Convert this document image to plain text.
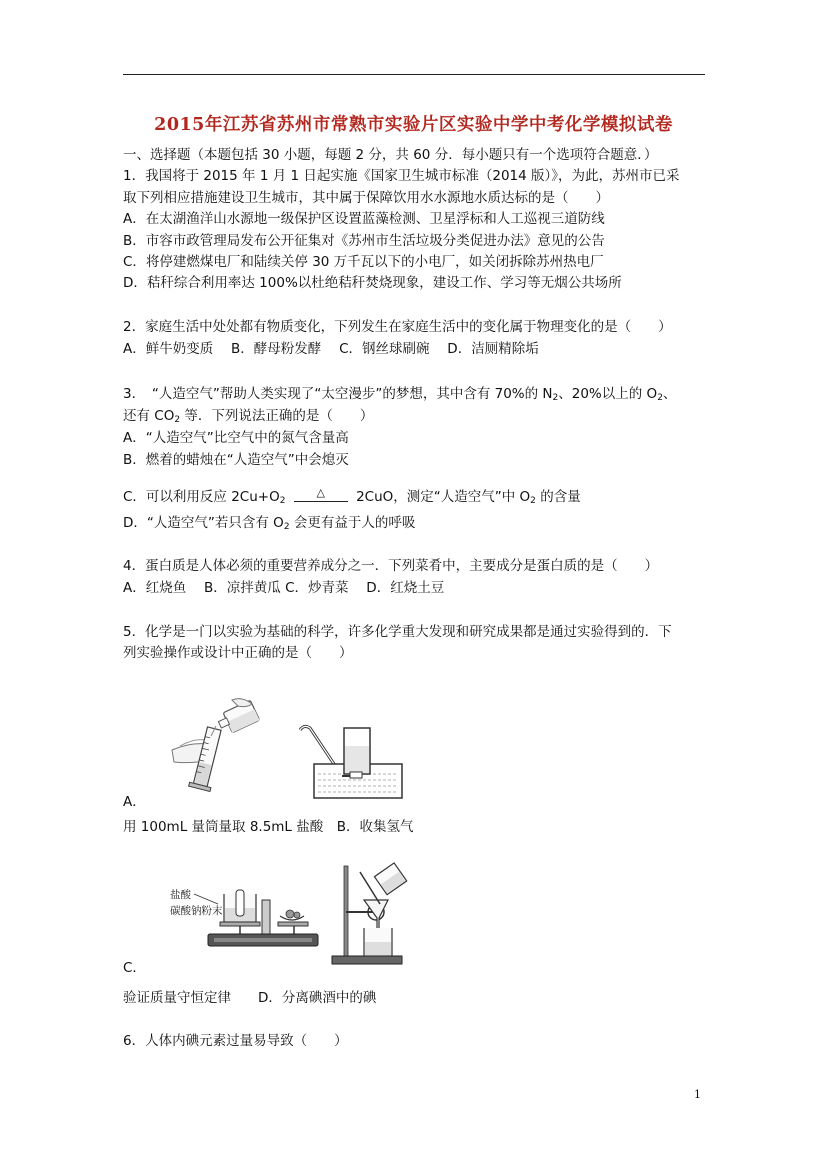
2015年江苏省苏州市常熟市实验片区实验中学中考化学模拟试卷
一、选择题（本题包括 30 小题，每题 2 分，共 60 分．每小题只有一个选项符合题意．）
1．我国将于 2015 年 1 月 1 日起实施《国家卫生城市标准（2014 版）》，为此，苏州市已采
取下列相应措施建设卫生城市，其中属于保障饮用水水源地水质达标的是（　　）
A．在太湖渔洋山水源地一级保护区设置蓝藻检测、卫星浮标和人工巡视三道防线
B．市容市政管理局发布公开征集对《苏州市生活垃圾分类促进办法》意见的公告
C．将停建燃煤电厂和陆续关停 30 万千瓦以下的小电厂，如关闭拆除苏州热电厂
D．秸秆综合利用率达 100%以杜绝秸秆焚烧现象，建设工作、学习等无烟公共场所
2．家庭生活中处处都有物质变化，下列发生在家庭生活中的变化属于物理变化的是（　　）
A．鲜牛奶变质　 B．酵母粉发酵　 C．钢丝球刷碗　 D．洁厕精除垢
3．　“人造空气”帮助人类实现了“太空漫步”的梦想，其中含有 70%的 $N_2$、20%以上的 $O_2$、
还有 $CO_2$ 等．下列说法正确的是（　　）
A．“人造空气”比空气中的氮气含量高
B．燃着的蜡烛在“人造空气”中会熄灭
C．可以利用反应 $2Cu+O_2$
△	2CuO，测定“人造空气”中 $O_2$ 的含量
D．“人造空气”若只含有 $O_2$ 会更有益于人的呼吸
4．蛋白质是人体必须的重要营养成分之一．下列菜肴中，主要成分是蛋白质的是（　　）
A．红烧鱼　 B．凉拌黄瓜 C．炒青菜　 D．红烧土豆
5．化学是一门以实验为基础的科学，许多化学重大发现和研究成果都是通过实验得到的．下
列实验操作或设计中正确的是（　　）
A．
用 100mL 量筒量取 8.5mL 盐酸　B．收集氢气
盐酸
碳酸钠粉末
C．
验证质量守恒定律　　D．分离碘酒中的碘
6．人体内碘元素过量易导致（　　）
1
